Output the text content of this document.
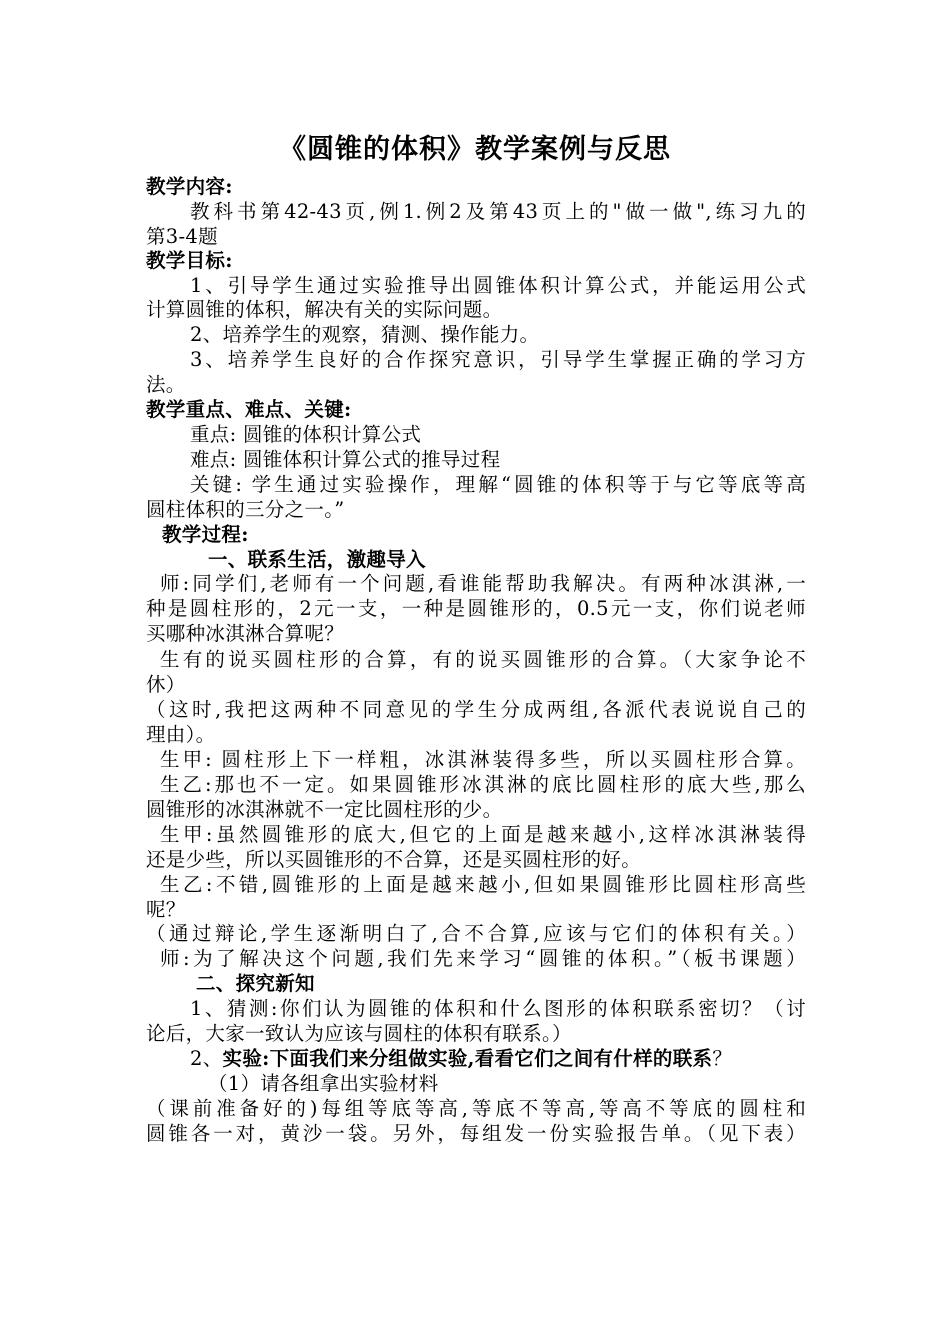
《圆锥的体积》教学案例与反思
教学内容:
教科书第42-43页,例1.例2及第43页上的"做一做",练习九的
第3-4题
教学目标:
1、引导学生通过实验推导出圆锥体积计算公式，并能运用公式
计算圆锥的体积，解决有关的实际问题。
2、培养学生的观察，猜测、操作能力。
3、培养学生良好的合作探究意识，引导学生掌握正确的学习方
法。
教学重点、难点、关键:
重点: 圆锥的体积计算公式
难点: 圆锥体积计算公式的推导过程
关键: 学生通过实验操作，理解“圆锥的体积等于与它等底等高
圆柱体积的三分之一。”
教学过程:
一、联系生活，激趣导入
师:同学们,老师有一个问题,看谁能帮助我解决。有两种冰淇淋,一
种是圆柱形的，2元一支，一种是圆锥形的，0.5元一支，你们说老师
买哪种冰淇淋合算呢？
生有的说买圆柱形的合算，有的说买圆锥形的合算。（大家争论不
休）
（这时,我把这两种不同意见的学生分成两组,各派代表说说自己的
理由）。
生甲: 圆柱形上下一样粗，冰淇淋装得多些，所以买圆柱形合算。
生乙:那也不一定。如果圆锥形冰淇淋的底比圆柱形的底大些,那么
圆锥形的冰淇淋就不一定比圆柱形的少。
生甲:虽然圆锥形的底大,但它的上面是越来越小,这样冰淇淋装得
还是少些，所以买圆锥形的不合算，还是买圆柱形的好。
生乙:不错,圆锥形的上面是越来越小,但如果圆锥形比圆柱形高些
呢？
（通过辩论,学生逐渐明白了,合不合算,应该与它们的体积有关。）
师:为了解决这个问题,我们先来学习“圆锥的体积。”（板书课题）
二、探究新知
1、猜测:你们认为圆锥的体积和什么图形的体积联系密切？（讨
论后，大家一致认为应该与圆柱的体积有联系。）
2、实验:下面我们来分组做实验,看看它们之间有什样的联系？
（1）请各组拿出实验材料
（课前准备好的)每组等底等高,等底不等高,等高不等底的圆柱和
圆锥各一对，黄沙一袋。另外，每组发一份实验报告单。（见下表）
